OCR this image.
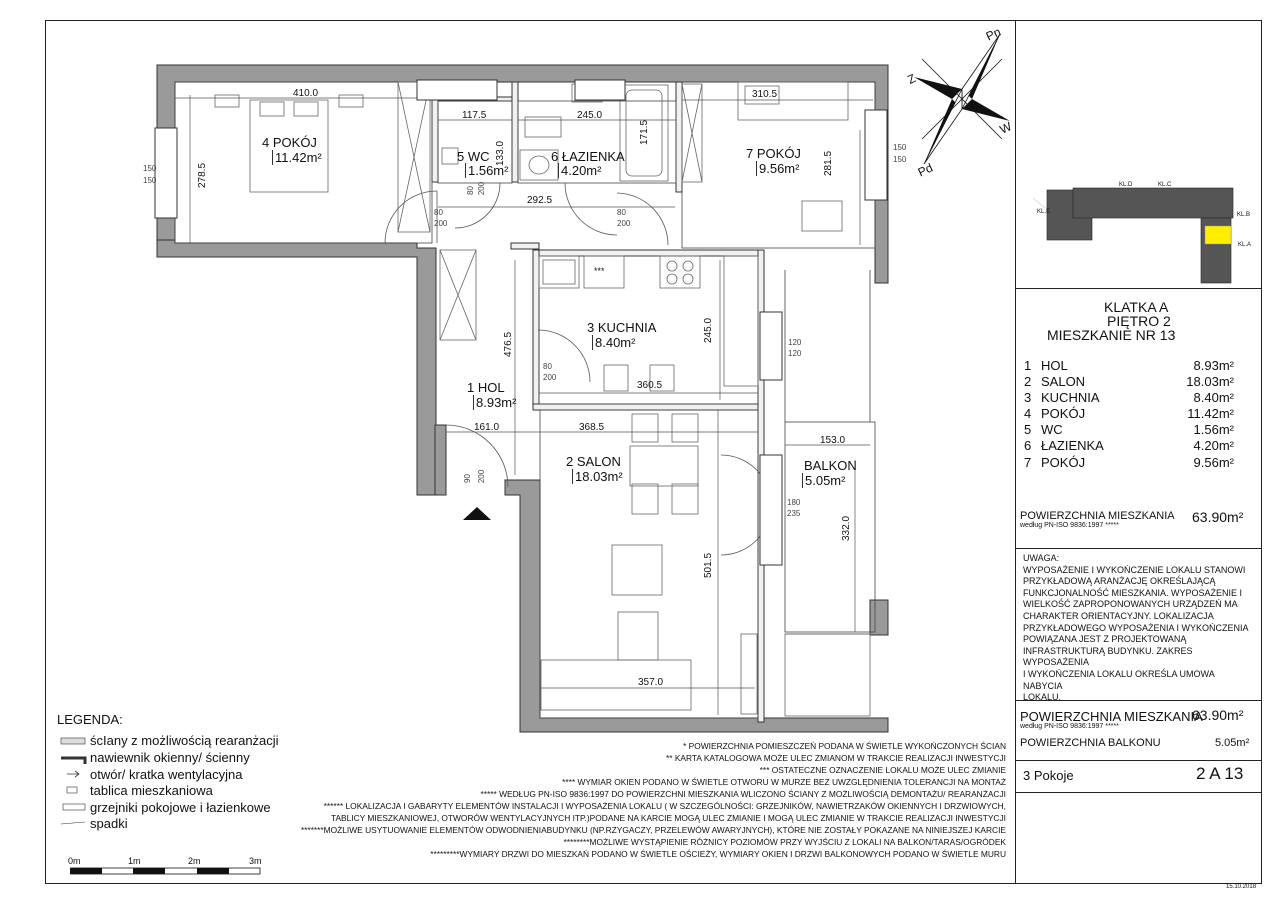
Pn
Z
W
Pd
4 POKÓJ
11.42m²	5 WC
1.56m²
6 ŁAZIENKA
4.20m²
7 POKÓJ
9.56m²
3 KUCHNIA
8.40m²
1 HOL
8.93m²
2 SALON
18.03m²
BALKON
5.05m²
410.0	310.5
117.5	245.0
133.0
171.5
278.5	281.5
292.5
476.5
245.0
360.5
161.0	368.5
153.0
332.0
501.5
357.0
150
150
150
150
120
120
180
235
80
200
80
200
80
200
80 200
90 200
***
KL.D	KL.C
KL.B
KL.E
KL.A
KLATKA A
PIĘTRO 2
MIESZKANIE NR 13
1 HOL	8.93m²
2 SALON	18.03m²
3 KUCHNIA	8.40m²
4 POKÓJ	11.42m²
5 WC	1.56m²
6 ŁAZIENKA	4.20m²
7 POKÓJ	9.56m²
POWIERZCHNIA MIESZKANIA
według PN-ISO 9836:1997 *****
63.90m²
UWAGA:
WYPOSAŻENIE I WYKOŃCZENIE LOKALU STANOWI
PRZYKŁADOWĄ ARANŻACJĘ OKREŚLAJĄCĄ
FUNKCJONALNOŚĆ MIESZKANIA. WYPOSAŻENIE I
WIELKOŚĆ ZAPROPONOWANYCH URZĄDZEŃ MA
CHARAKTER ORIENTACYJNY. LOKALIZACJA
PRZYKŁADOWEGO WYPOSAŻENIA I WYKOŃCZENIA
POWIĄZANA JEST Z PROJEKTOWANĄ
INFRASTRUKTURĄ BUDYNKU. ZAKRES WYPOSAŻENIA
I WYKOŃCZENIA LOKALU OKREŚLA UMOWA NABYCIA
LOKALU.
POWIERZCHNIA MIESZKANIA
według PN-ISO 9836:1997 *****
63.90m²
POWIERZCHNIA BALKONU	5.05m²
3 Pokoje	2 A 13
15.10.2018
LEGENDA:
ścIany z możliwością rearanżacji
nawiewnik okienny/ ścienny
otwór/ kratka wentylacyjna
tablica mieszkaniowa
grzejniki pokojowe i łazienkowe
spadki
0m	1m	2m	3m
* POWIERZCHNIA POMIESZCZEŃ PODANA W ŚWIETLE WYKOŃCZONYCH ŚCIAN
** KARTA KATALOGOWA MOŻE ULEC ZMIANOM W TRAKCIE REALIZACJI INWESTYCJI
*** OSTATECZNE OZNACZENIE LOKALU MOŻE ULEC ZMIANIE
**** WYMIAR OKIEN PODANO W ŚWIETLE OTWORU W MURZE BEZ UWZGLĘDNIENIA TOLERANCJI NA MONTAŻ
***** WEDŁUG PN-ISO 9836:1997 DO POWIERZCHNI MIESZKANIA WLICZONO ŚCIANY Z MOŻLIWOŚCIĄ DEMONTAŻU/ REARANŻACJI
****** LOKALIZACJA I GABARYTY ELEMENTÓW INSTALACJI I WYPOSAŻENIA LOKALU ( W SZCZEGÓLNOŚCI: GRZEJNIKÓW, NAWIETRZAKÓW OKIENNYCH I DRZWIOWYCH,
TABLICY MIESZKANIOWEJ, OTWORÓW WENTYLACYJNYCH ITP.)PODANE NA KARCIE MOGĄ ULEC ZMIANIE I MOGĄ ULEC ZMIANIE W TRAKCIE REALIZACJI INWESTYCJI
*******MOŻLIWE USYTUOWANIE ELEMENTÓW ODWODNIENIABUDYNKU (NP.RZYGACZY, PRZELEWÓW AWARYJNYCH), KTÓRE NIE ZOSTAŁY POKAZANE NA NINIEJSZEJ KARCIE
********MOŻLIWE WYSTĄPIENIE RÓŻNICY POZIOMÓW PRZY WYJŚCIU Z LOKALI NA BALKON/TARAS/OGRÓDEK
*********WYMIARY DRZWI DO MIESZKAŃ PODANO W ŚWIETLE OŚCIEŻY, WYMIARY OKIEN I DRZWI BALKONOWYCH PODANO W ŚWIETLE MURU
